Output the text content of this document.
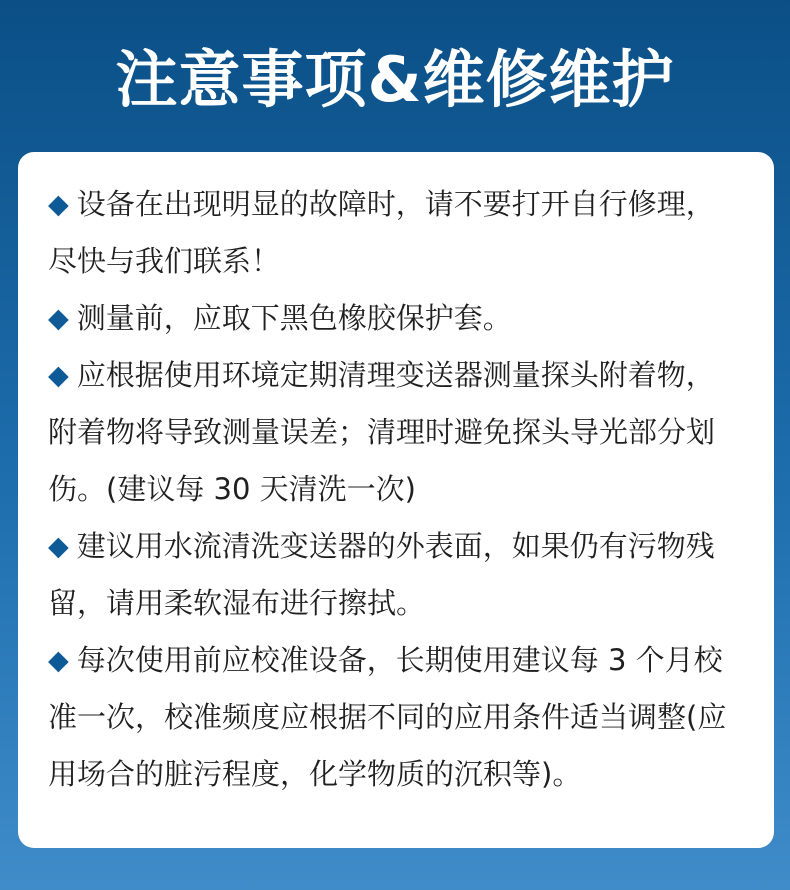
注意事项&维修维护

◆ 设备在出现明显的故障时，请不要打开自行修理，尽快与我们联系！

◆ 测量前，应取下黑色橡胶保护套。

◆ 应根据使用环境定期清理变送器测量探头附着物，附着物将导致测量误差；清理时避免探头导光部分划伤。(建议每 30 天清洗一次)

◆ 建议用水流清洗变送器的外表面，如果仍有污物残留，请用柔软湿布进行擦拭。

◆ 每次使用前应校准设备，长期使用建议每 3 个月校准一次，校准频度应根据不同的应用条件适当调整(应用场合的脏污程度，化学物质的沉积等)。
